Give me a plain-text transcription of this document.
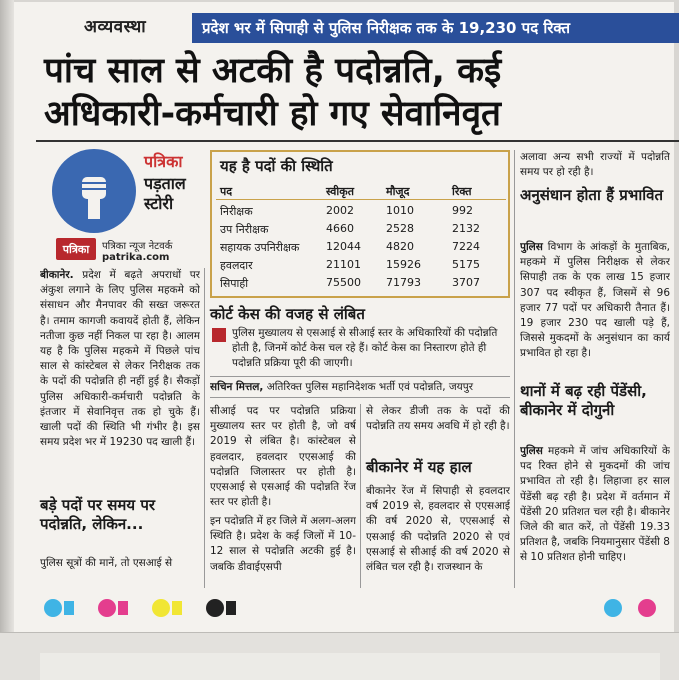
अव्यवस्था	प्रदेश भर में सिपाही से पुलिस निरीक्षक तक के 19,230 पद रिक्त
पांच साल से अटकी है पदोन्नति, कई
अधिकारी-कर्मचारी हो गए सेवानिवृत
पत्रिका
पड़ताल
स्टोरी
पत्रिका	पत्रिका न्यूज नेटवर्क
patrika.com
यह है पदों की स्थिति
पद	स्वीकृत	मौजूद	रिक्त
निरीक्षक	2002	1010	992
उप निरीक्षक	4660	2528	2132
सहायक उपनिरीक्षक 12044 4820	7224
हवलदार	21101 15926	5175
सिपाही	75500 71793	3707
कोर्ट केस की वजह से लंबित
पुलिस मुख्यालय से एसआई से सीआई स्तर के अधिकारियों की पदोन्नति होती है, जिनमें कोर्ट केस चल रहे हैं। कोर्ट केस का निस्तारण होते ही पदोन्नति प्रक्रिया पूरी की जाएगी।
सचिन मित्तल, अतिरिक्त पुलिस महानिदेशक भर्ती एवं पदोन्नति, जयपुर
बीकानेर. प्रदेश में बढ़ते अपराधों पर अंकुश लगाने के लिए पुलिस महकमे को संसाधन और मैनपावर की सख्त जरूरत है। तमाम कागजी कवायदें होती हैं, लेकिन नतीजा कुछ नहीं निकल पा रहा है। आलम यह है कि पुलिस महकमे में पिछले पांच साल से कांस्टेबल से लेकर निरीक्षक तक के पदों की पदोन्नति ही नहीं हुई है। सैकड़ों पुलिस अधिकारी-कर्मचारी पदोन्नति के इंतजार में सेवानिवृत्त तक हो चुके हैं। खाली पदों की स्थिति भी गंभीर है। इस समय प्रदेश भर में 19230 पद खाली हैं।
बड़े पदों पर समय पर पदोन्नति, लेकिन...
पुलिस सूत्रों की मानें, तो एसआई से
सीआई पद पर पदोन्नति प्रक्रिया मुख्यालय स्तर पर होती है, जो वर्ष 2019 से लंबित है। कांस्टेबल से हवलदार, हवलदार एएसआई की पदोन्नति जिलास्तर पर होती है। एएसआई से एसआई की पदोन्नति रेंज स्तर पर होती है।
इन पदोन्नति में हर जिले में अलग-अलग स्थिति है। प्रदेश के कई जिलों में 10-12 साल से पदोन्नति अटकी हुई है। जबकि डीवाईएसपी
से लेकर डीजी तक के पदों की पदोन्नति तय समय अवधि में हो रही है।
बीकानेर में यह हाल
बीकानेर रेंज में सिपाही से हवलदार वर्ष 2019 से, हवलदार से एएसआई की वर्ष 2020 से, एएसआई से एसआई की पदोन्नति 2020 से एवं एसआई से सीआई की वर्ष 2020 से लंबित चल रही है। राजस्थान के
अलावा अन्य सभी राज्यों में पदोन्नति समय पर हो रही है।
अनुसंधान होता हैं प्रभावित
पुलिस विभाग के आंकड़ों के मुताबिक, महकमे में पुलिस निरीक्षक से लेकर सिपाही तक के एक लाख 15 हजार 307 पद स्वीकृत हैं, जिसमें से 96 हजार 77 पदों पर अधिकारी तैनात हैं। 19 हजार 230 पद खाली पड़े हैं, जिससे मुकदमों के अनुसंधान का कार्य प्रभावित हो रहा है।
थानों में बढ़ रही पेंडेंसी, बीकानेर में दोगुनी
पुलिस महकमे में जांच अधिकारियों के पद रिक्त होने से मुकदमों की जांच प्रभावित तो रही है। लिहाजा हर साल पेंडेंसी बढ़ रही है। प्रदेश में वर्तमान में पेंडेंसी 20 प्रतिशत चल रही है। बीकानेर जिले की बात करें, तो पेंडेंसी 19.33 प्रतिशत है, जबकि नियमानुसार पेंडेंसी 8 से 10 प्रतिशत होनी चाहिए।
